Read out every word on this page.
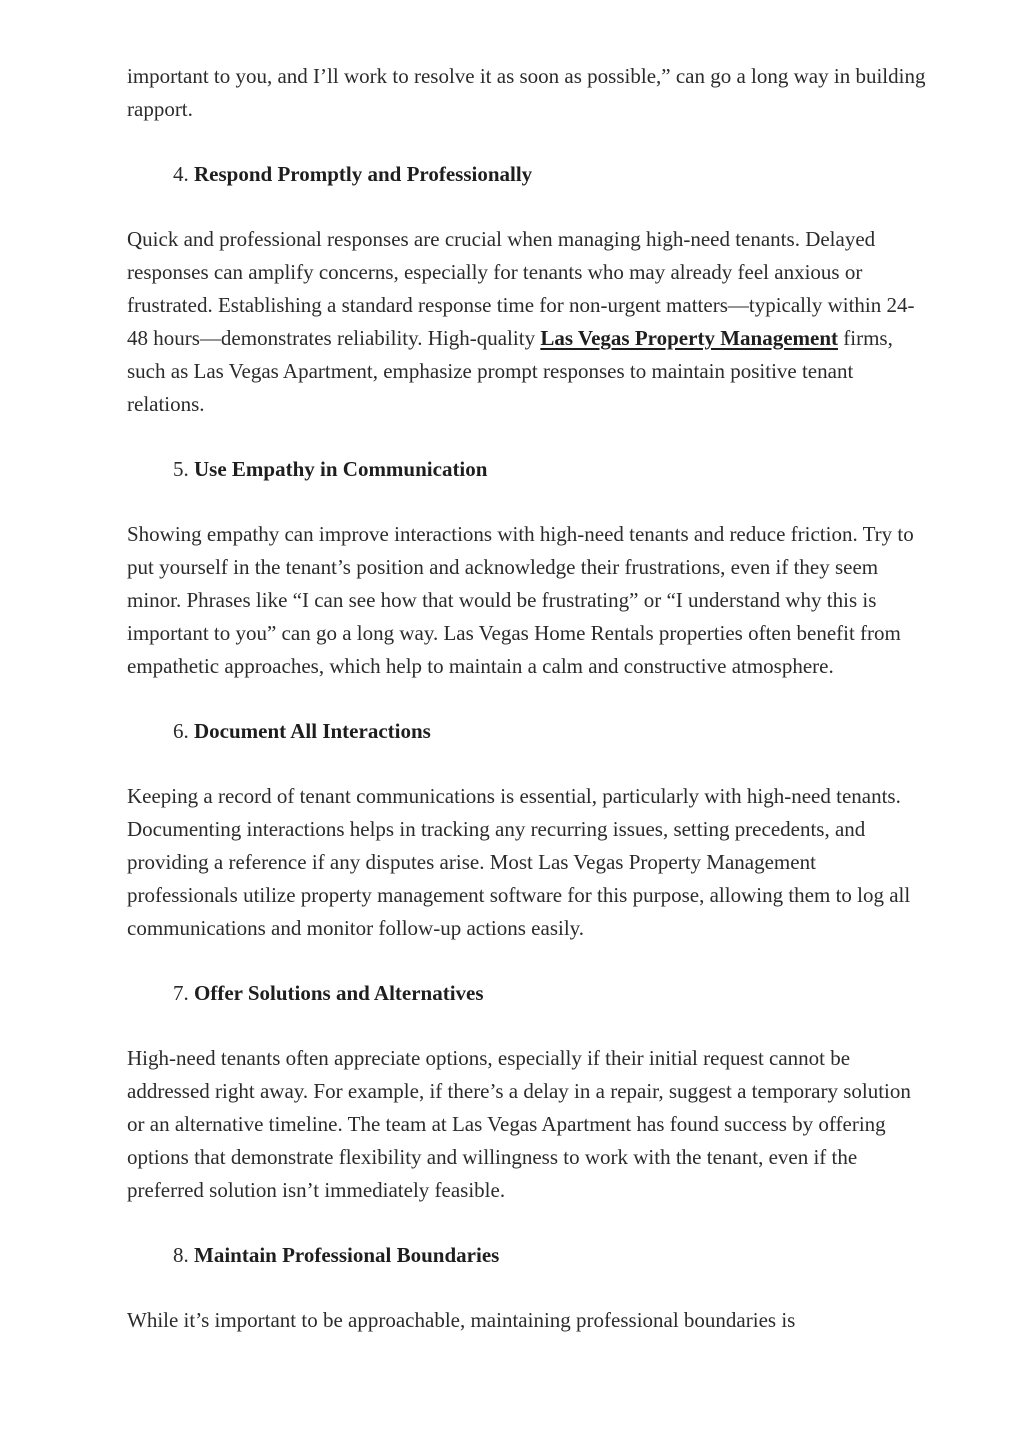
important to you, and I’ll work to resolve it as soon as possible,” can go a long way in building rapport.

4. Respond Promptly and Professionally

Quick and professional responses are crucial when managing high-need tenants. Delayed responses can amplify concerns, especially for tenants who may already feel anxious or frustrated. Establishing a standard response time for non-urgent matters—typically within 24-48 hours—demonstrates reliability. High-quality Las Vegas Property Management firms, such as Las Vegas Apartment, emphasize prompt responses to maintain positive tenant relations.

5. Use Empathy in Communication

Showing empathy can improve interactions with high-need tenants and reduce friction. Try to put yourself in the tenant’s position and acknowledge their frustrations, even if they seem minor. Phrases like “I can see how that would be frustrating” or “I understand why this is important to you” can go a long way. Las Vegas Home Rentals properties often benefit from empathetic approaches, which help to maintain a calm and constructive atmosphere.

6. Document All Interactions

Keeping a record of tenant communications is essential, particularly with high-need tenants. Documenting interactions helps in tracking any recurring issues, setting precedents, and providing a reference if any disputes arise. Most Las Vegas Property Management professionals utilize property management software for this purpose, allowing them to log all communications and monitor follow-up actions easily.

7. Offer Solutions and Alternatives

High-need tenants often appreciate options, especially if their initial request cannot be addressed right away. For example, if there’s a delay in a repair, suggest a temporary solution or an alternative timeline. The team at Las Vegas Apartment has found success by offering options that demonstrate flexibility and willingness to work with the tenant, even if the preferred solution isn’t immediately feasible.

8. Maintain Professional Boundaries

While it’s important to be approachable, maintaining professional boundaries is
